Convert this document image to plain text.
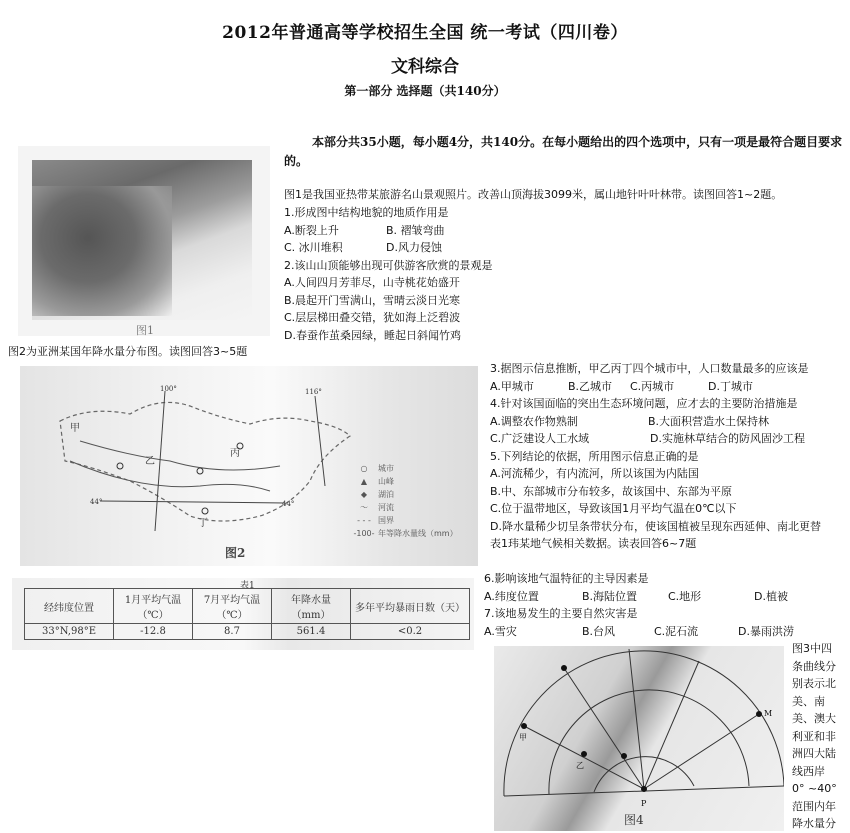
2012年普通高等学校招生全国 统一考试（四川卷）
文科综合
第一部分 选择题（共140分）
本部分共35小题，每小题4分，共140分。在每小题给出的四个选项中，只有一项是最符合题目要求的。
图1
图1是我国亚热带某旅游名山景观照片。改善山顶海拔3099米，属山地针叶叶林带。读图回答1~2题。
1.形成图中结构地貌的地质作用是
A.断裂上升	B. 褶皱弯曲
C. 冰川堆积	D.风力侵蚀
2.该山山顶能够出现可供游客欣赏的景观是
A.人间四月芳菲尽，山寺桃花始盛开
B.晨起开门雪满山，雪晴云淡日光寒
C.层层梯田叠交错，犹如海上泛碧波
D.春蚕作茧桑园绿，睡起日斜闻竹鸡
图2为亚洲某国年降水量分布图。读图回答3~5题
丙
乙
丁
甲
100°	116°
44°	44°
○ 城市
▲ 山峰
◆ 湖泊
〜 河流
- - - 国界
-100- 年等降水量线（mm）
图2
3.据图示信息推断，甲乙丙丁四个城市中，人口数量最多的应该是
A.甲城市	B.乙城市 C.丙城市	D.丁城市
4.针对该国面临的突出生态环境问题，应才去的主要防治措施是
A.调整农作物熟制	B.大面积营造水土保持林
C.广泛建设人工水域	D.实施林草结合的防风固沙工程
5.下列结论的依据，所用图示信息正确的是
A.河流稀少，有内流河，所以该国为内陆国
B.中、东部城市分布较多，故该国中、东部为平原
C.位于温带地区，导致该国1月平均气温在0℃以下
D.降水量稀少切呈条带状分布，使该国植被呈现东西延伸、南北更替
表1玮某地气候相关数据。读表回答6~7题
表1
经纬度位置	1月平均气温（℃）	7月平均气温（℃）	年降水量（mm）	多年平均暴雨日数（天）
33°N,98°E	-12.8	8.7	561.4	<0.2
6.影响该地气温特征的主导因素是
A.纬度位置	B.海陆位置	C.地形	D.植被
7.该地易发生的主要自然灾害是
A.雪灾	B.台风	C.泥石流	D.暴雨洪涝
P
M
甲
乙
图4
图3中四
条曲线分
别表示北
美、南
美、澳大
利亚和非
洲四大陆
线西岸
0° ~40°
范围内年
降水量分
